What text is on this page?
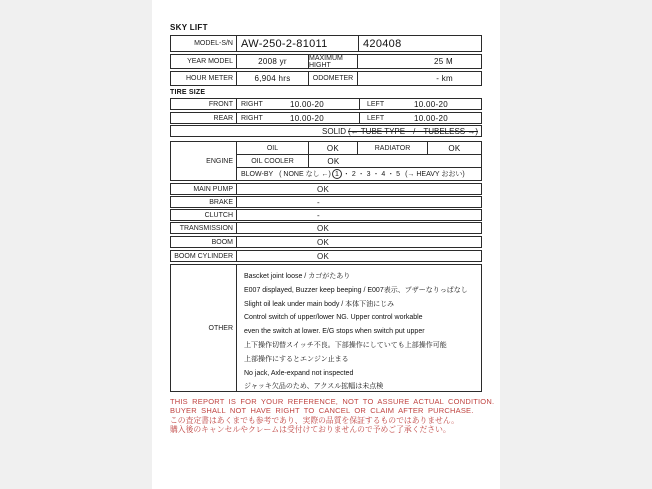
SKY LIFT
MODEL-S/N AW-250-2-81011	420408
YEAR MODEL	2008 yr	MAXIMUM HIGHT	25 M
HOUR METER	6,904 hrs	ODOMETER	- km
TIRE SIZE
FRONT	RIGHT	10.00-20	LEFT	10.00-20
REAR	RIGHT	10.00-20	LEFT	10.00-20
SOLID (← TUBE TYPE　/　TUBELESS →)
ENGINE
OIL	OK	RADIATOR	OK
OIL COOLER	OK
BLOW-BY ( NONE なし ←) 1 ・ 2 ・ 3 ・ 4 ・ 5 (→ HEAVY おおい)
MAIN PUMP	OK
BRAKE	-
CLUTCH	-
TRANSMISSION	OK
BOOM	OK
BOOM CYLINDER	OK
OTHER
Bascket joint loose / カゴがたあり
E007 displayed, Buzzer keep beeping / E007表示、ブザーなりっぱなし
Slight oil leak under main body / 本体下油にじみ
Control switch of upper/lower NG. Upper control workable
even the switch at lower. E/G stops when switch put upper
上下操作切替スイッチ不良。下部操作にしていても上部操作可能
上部操作にするとエンジン止まる
No jack, Axle-expand not inspected
ジャッキ欠品のため、アクスル拡幅は未点検
THIS REPORT IS FOR YOUR REFERENCE, NOT TO ASSURE ACTUAL CONDITION.
BUYER SHALL NOT HAVE RIGHT TO CANCEL OR CLAIM AFTER PURCHASE.
この査定書はあくまでも参考であり、実際の品質を保証するものではありません。
購入後のキャンセルやクレームは受付けておりませんので予めご了承ください。
